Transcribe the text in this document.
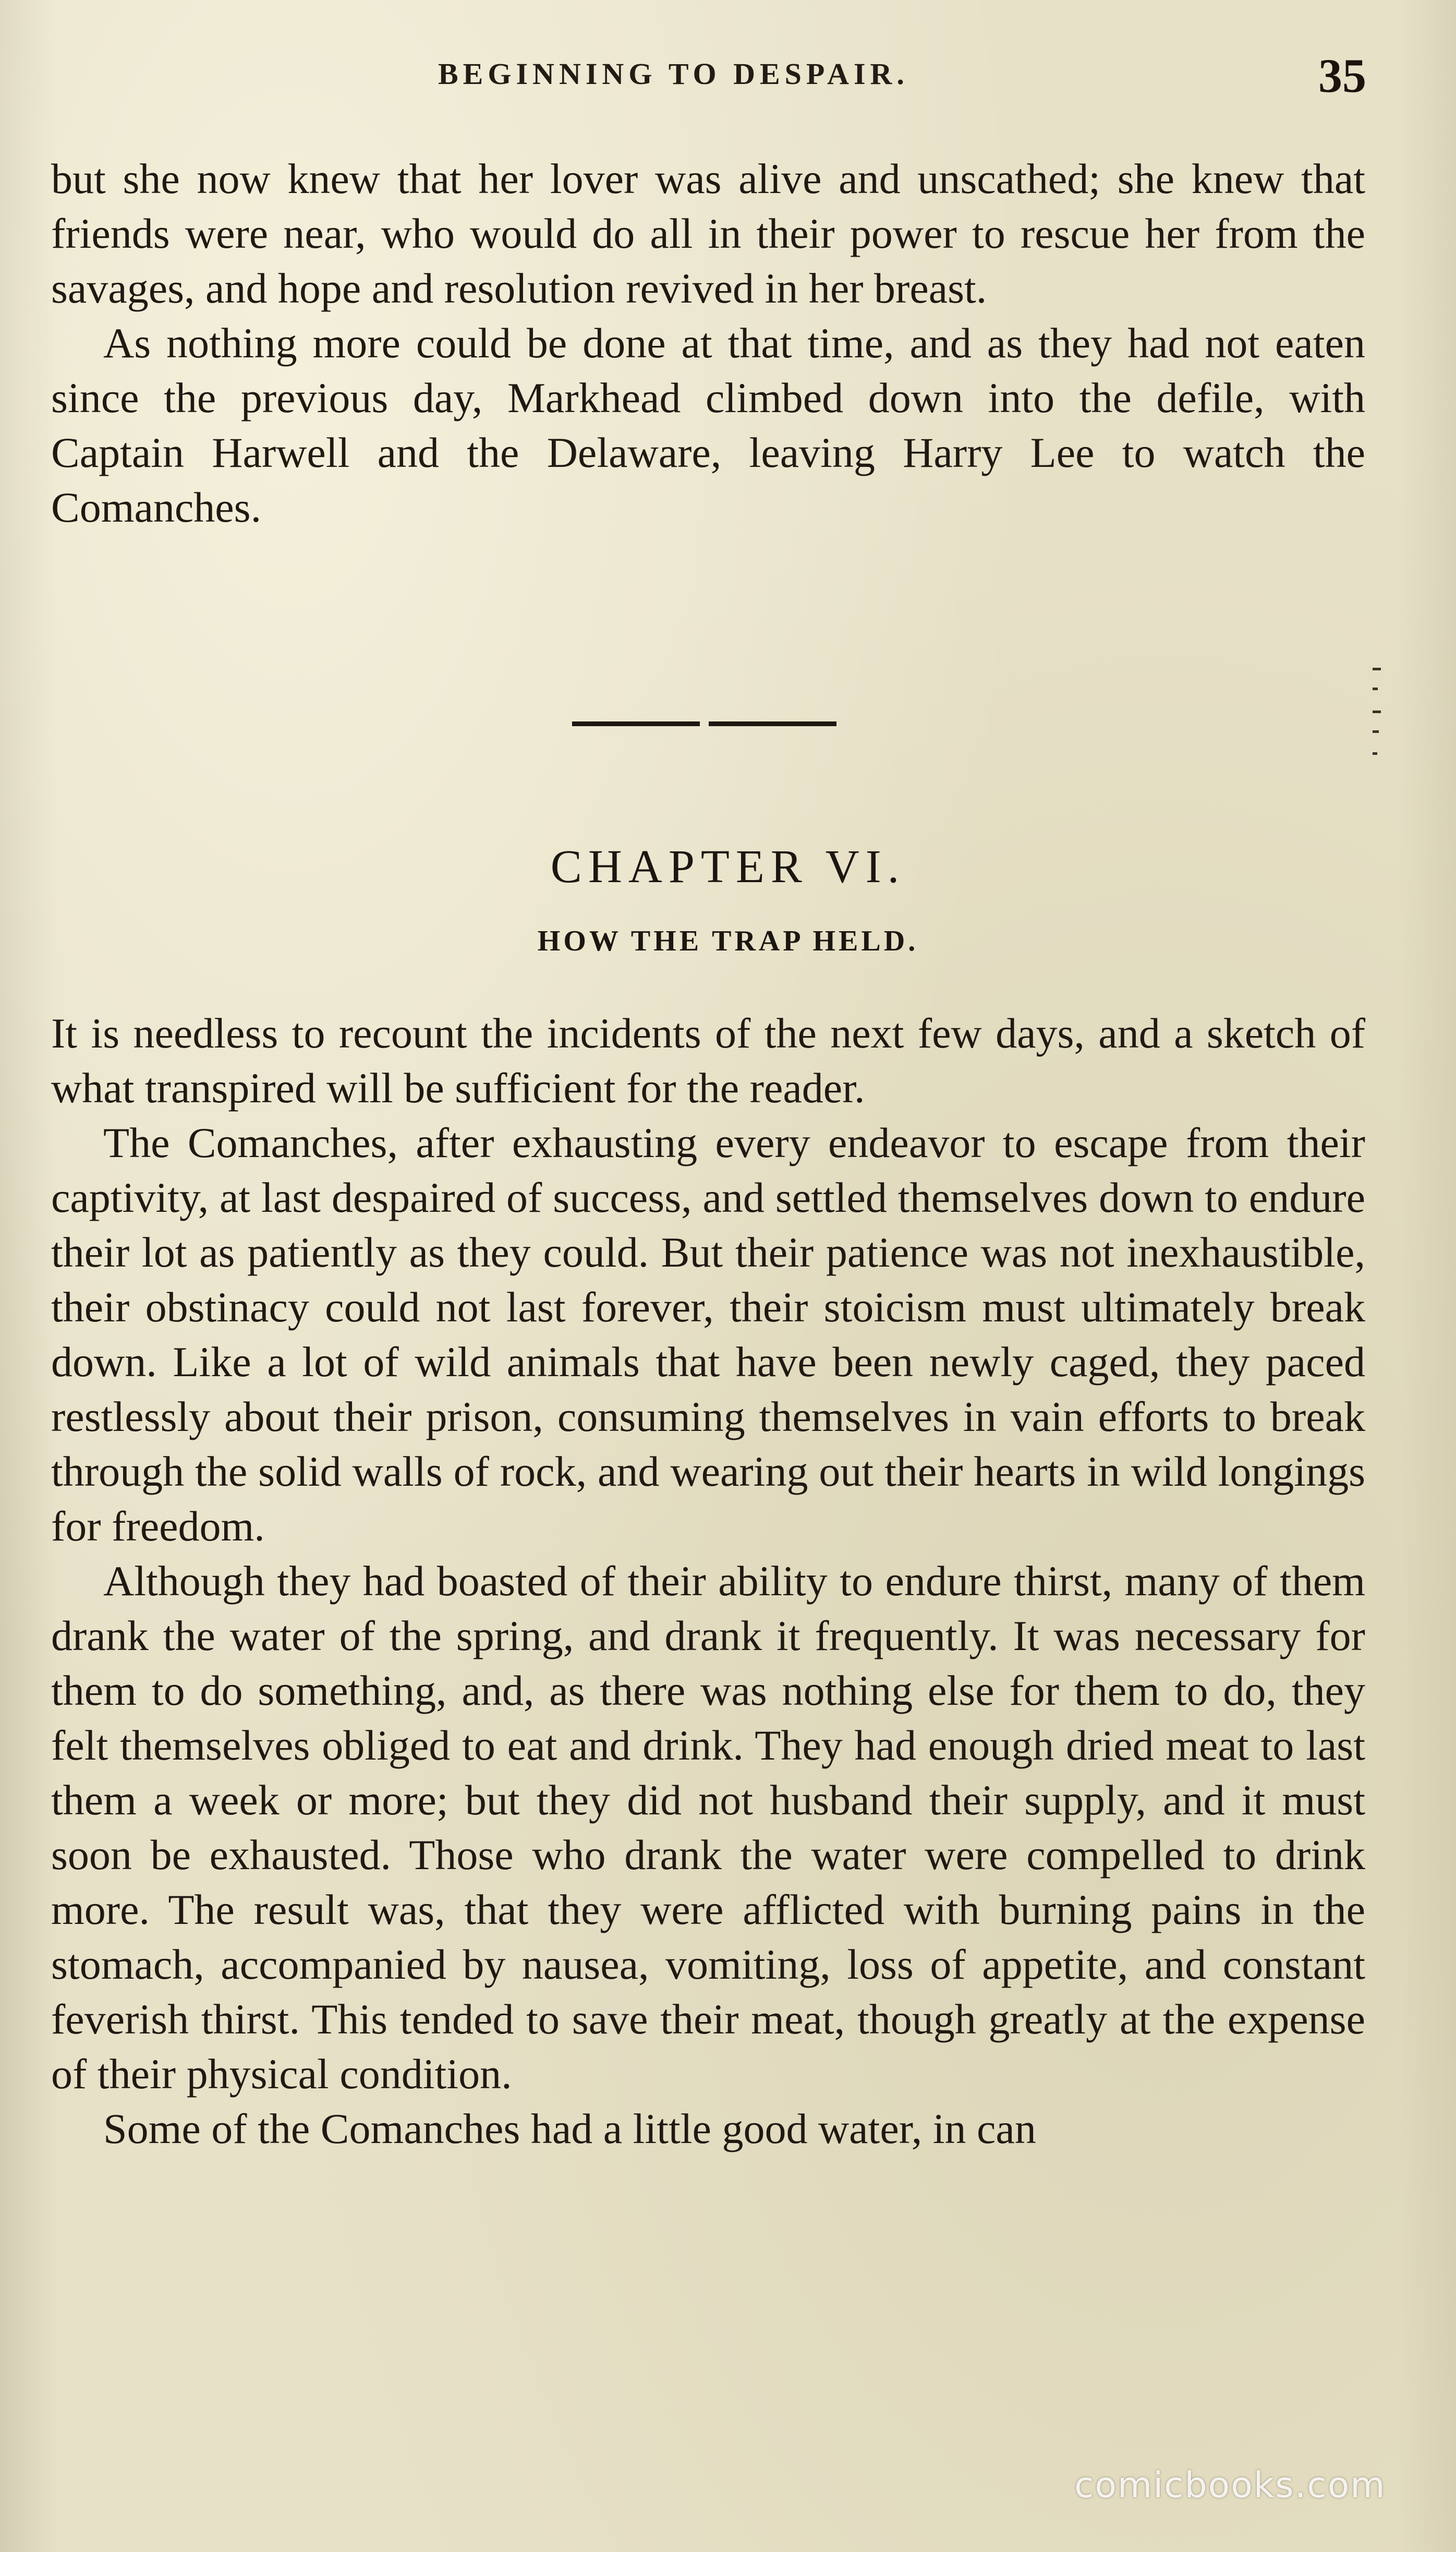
BEGINNING TO DESPAIR.	35

but she now knew that her lover was alive and unscathed; she knew that friends were near, who would do all in their power to rescue her from the savages, and hope and resolution revived in her breast.

As nothing more could be done at that time, and as they had not eaten since the previous day, Markhead climbed down into the defile, with Captain Harwell and the Delaware, leaving Harry Lee to watch the Comanches.

CHAPTER VI.
HOW THE TRAP HELD.

It is needless to recount the incidents of the next few days, and a sketch of what transpired will be sufficient for the reader.

The Comanches, after exhausting every endeavor to escape from their captivity, at last despaired of success, and settled themselves down to endure their lot as patiently as they could. But their patience was not inexhaustible, their obstinacy could not last forever, their stoicism must ultimately break down. Like a lot of wild animals that have been newly caged, they paced restlessly about their prison, consuming themselves in vain efforts to break through the solid walls of rock, and wearing out their hearts in wild longings for freedom.

Although they had boasted of their ability to endure thirst, many of them drank the water of the spring, and drank it frequently. It was necessary for them to do something, and, as there was nothing else for them to do, they felt themselves obliged to eat and drink. They had enough dried meat to last them a week or more; but they did not husband their supply, and it must soon be exhausted. Those who drank the water were compelled to drink more. The result was, that they were afflicted with burning pains in the stomach, accompanied by nausea, vomiting, loss of appetite, and constant feverish thirst. This tended to save their meat, though greatly at the expense of their physical condition.

Some of the Comanches had a little good water, in can

comicbooks.com
